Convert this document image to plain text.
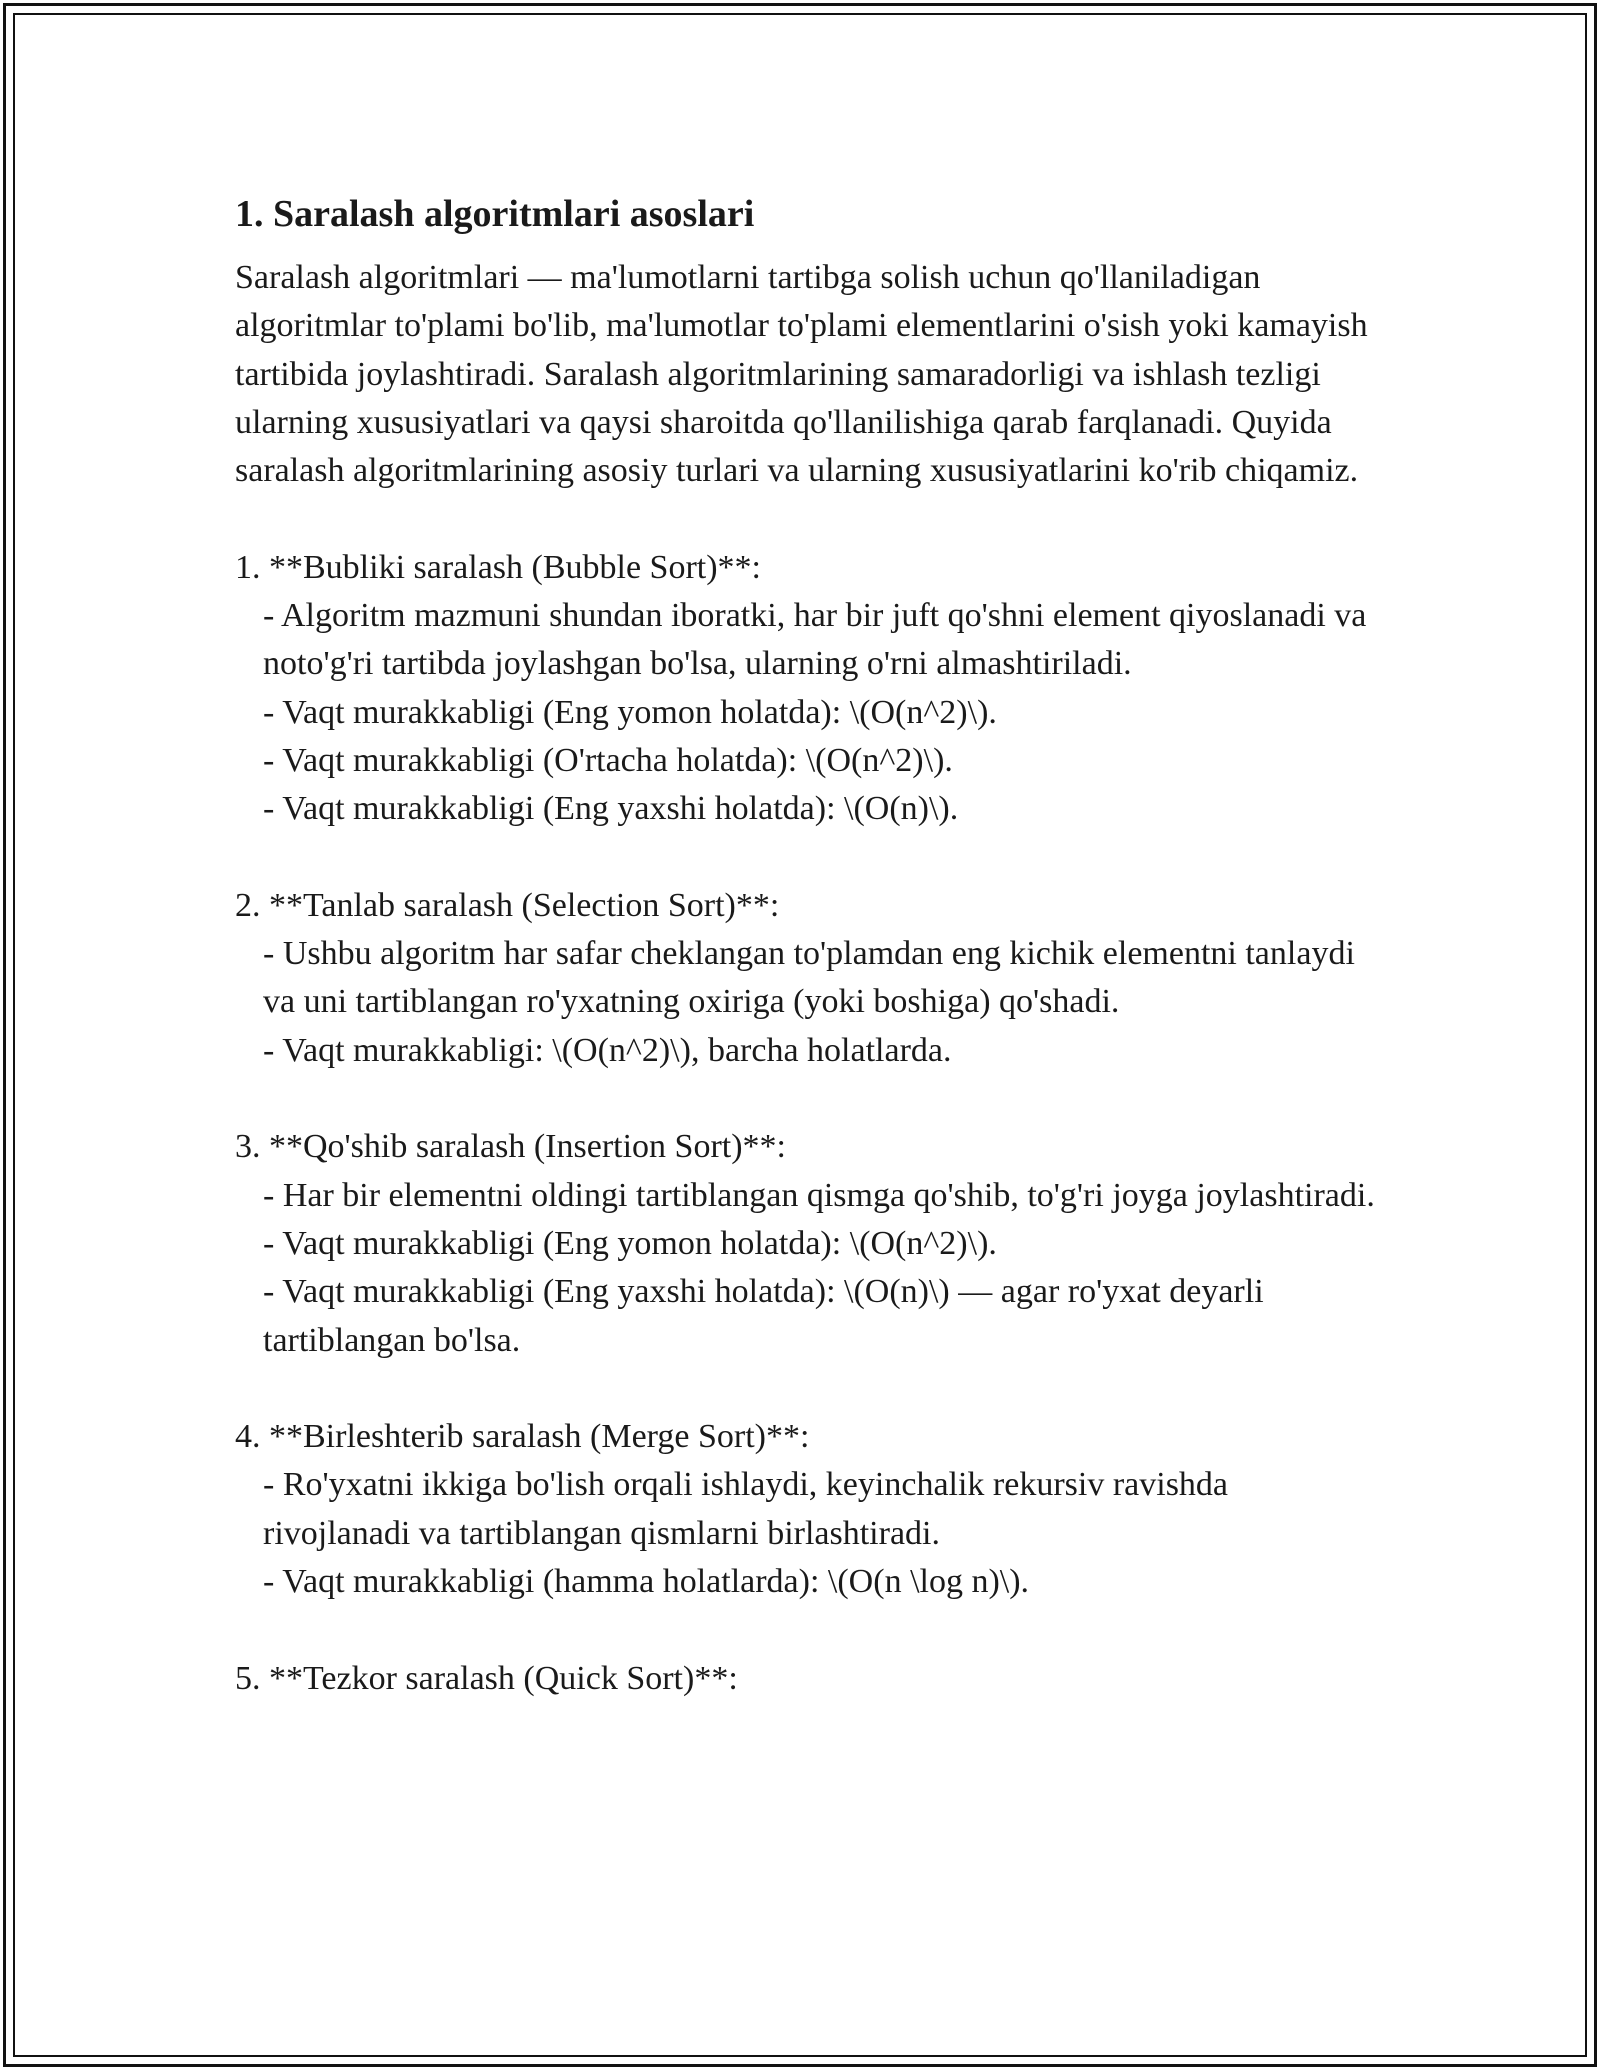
1. Saralash algoritmlari asoslari

Saralash algoritmlari — ma'lumotlarni tartibga solish uchun qo'llaniladigan algoritmlar to'plami bo'lib, ma'lumotlar to'plami elementlarini o'sish yoki kamayish tartibida joylashtiradi. Saralash algoritmlarining samaradorligi va ishlash tezligi ularning xususiyatlari va qaysi sharoitda qo'llanilishiga qarab farqlanadi. Quyida saralash algoritmlarining asosiy turlari va ularning xususiyatlarini ko'rib chiqamiz.

1. **Bubliki saralash (Bubble Sort)**:

- Algoritm mazmuni shundan iboratki, har bir juft qo'shni element qiyoslanadi va noto'g'ri tartibda joylashgan bo'lsa, ularning o'rni almashtiriladi.

- Vaqt murakkabligi (Eng yomon holatda): \(O(n^2)\).

- Vaqt murakkabligi (O'rtacha holatda): \(O(n^2)\).

- Vaqt murakkabligi (Eng yaxshi holatda): \(O(n)\).

2. **Tanlab saralash (Selection Sort)**:

- Ushbu algoritm har safar cheklangan to'plamdan eng kichik elementni tanlaydi va uni tartiblangan ro'yxatning oxiriga (yoki boshiga) qo'shadi.

- Vaqt murakkabligi: \(O(n^2)\), barcha holatlarda.

3. **Qo'shib saralash (Insertion Sort)**:

- Har bir elementni oldingi tartiblangan qismga qo'shib, to'g'ri joyga joylashtiradi.

- Vaqt murakkabligi (Eng yomon holatda): \(O(n^2)\).

- Vaqt murakkabligi (Eng yaxshi holatda): \(O(n)\) — agar ro'yxat deyarli tartiblangan bo'lsa.

4. **Birleshterib saralash (Merge Sort)**:

- Ro'yxatni ikkiga bo'lish orqali ishlaydi, keyinchalik rekursiv ravishda rivojlanadi va tartiblangan qismlarni birlashtiradi.

- Vaqt murakkabligi (hamma holatlarda): \(O(n \log n)\).

5. **Tezkor saralash (Quick Sort)**:
